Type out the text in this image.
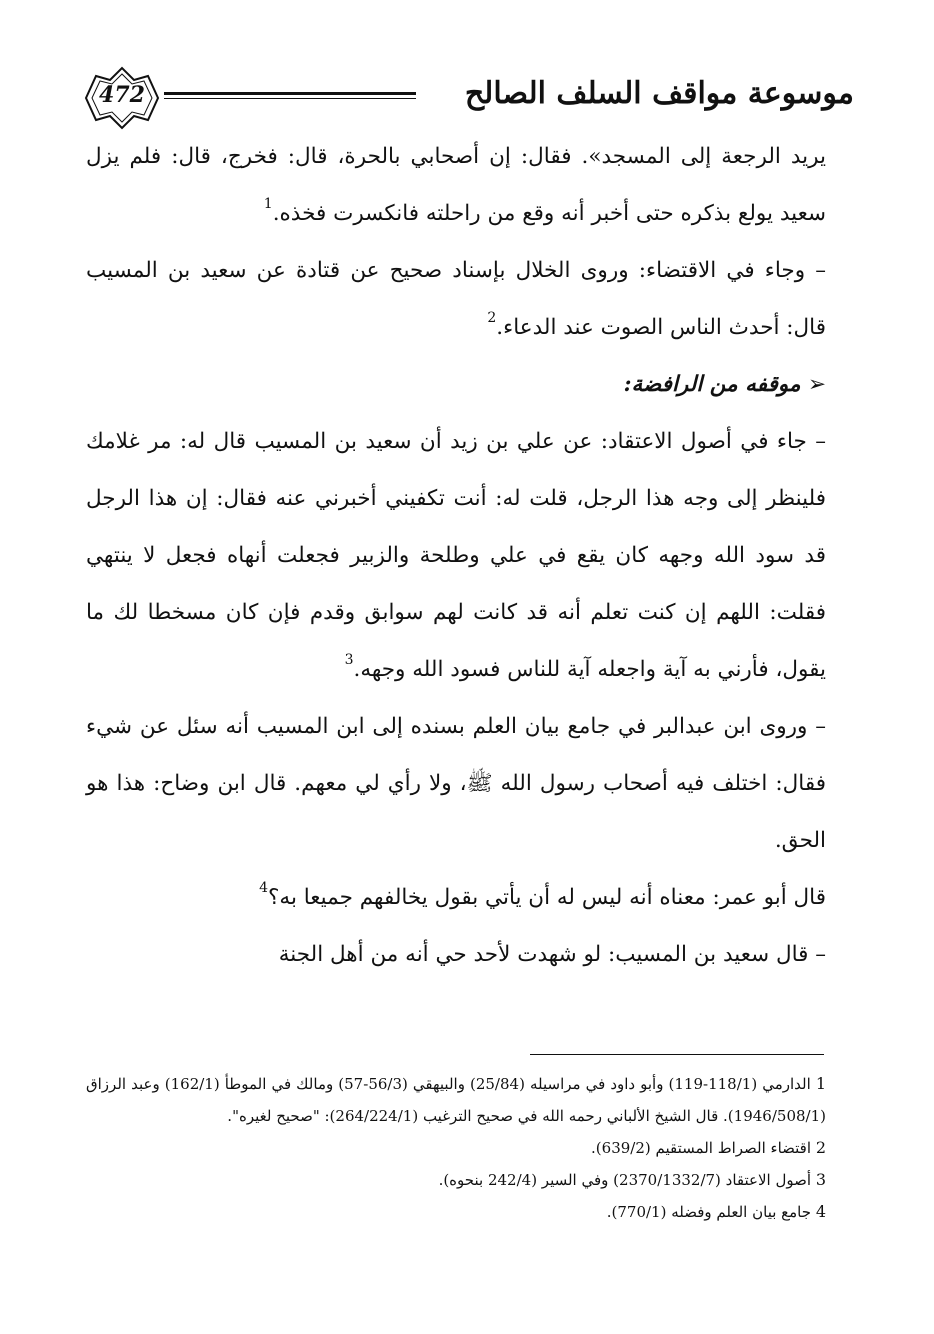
472	موسوعة مواقف السلف الصالح

يريد الرجعة إلى المسجد». فقال: إن أصحابي بالحرة، قال: فخرج، قال: فلم يزل سعيد يولع بذكره حتى أخبر أنه وقع من راحلته فانكسرت فخذه.$^1$

– وجاء في الاقتضاء: وروى الخلال بإسناد صحيح عن قتادة عن سعيد بن المسيب قال: أحدث الناس الصوت عند الدعاء.$^2$

➢ موقفه من الرافضة:

– جاء في أصول الاعتقاد: عن علي بن زيد أن سعيد بن المسيب قال له: مر غلامك فلينظر إلى وجه هذا الرجل، قلت له: أنت تكفيني أخبرني عنه فقال: إن هذا الرجل قد سود الله وجهه كان يقع في علي وطلحة والزبير فجعلت أنهاه فجعل لا ينتهي فقلت: اللهم إن كنت تعلم أنه قد كانت لهم سوابق وقدم فإن كان مسخطا لك ما يقول، فأرني به آية واجعله آية للناس فسود الله وجهه.$^3$

– وروى ابن عبدالبر في جامع بيان العلم بسنده إلى ابن المسيب أنه سئل عن شيء فقال: اختلف فيه أصحاب رسول الله ﷺ، ولا رأي لي معهم. قال ابن وضاح: هذا هو الحق.

قال أبو عمر: معناه أنه ليس له أن يأتي بقول يخالفهم جميعا به؟$^4$

– قال سعيد بن المسيب: لو شهدت لأحد حي أنه من أهل الجنة

1 الدارمي (118/1-119) وأبو داود في مراسيله (25/84) والبيهقي (56/3-57) ومالك في الموطأ (162/1) وعبد الرزاق (1946/508/1). قال الشيخ الألباني رحمه الله في صحيح الترغيب (264/224/1): "صحيح لغيره".

2 اقتضاء الصراط المستقيم (639/2).

3 أصول الاعتقاد (2370/1332/7) وفي السير (242/4 بنحوه).

4 جامع بيان العلم وفضله (770/1).
